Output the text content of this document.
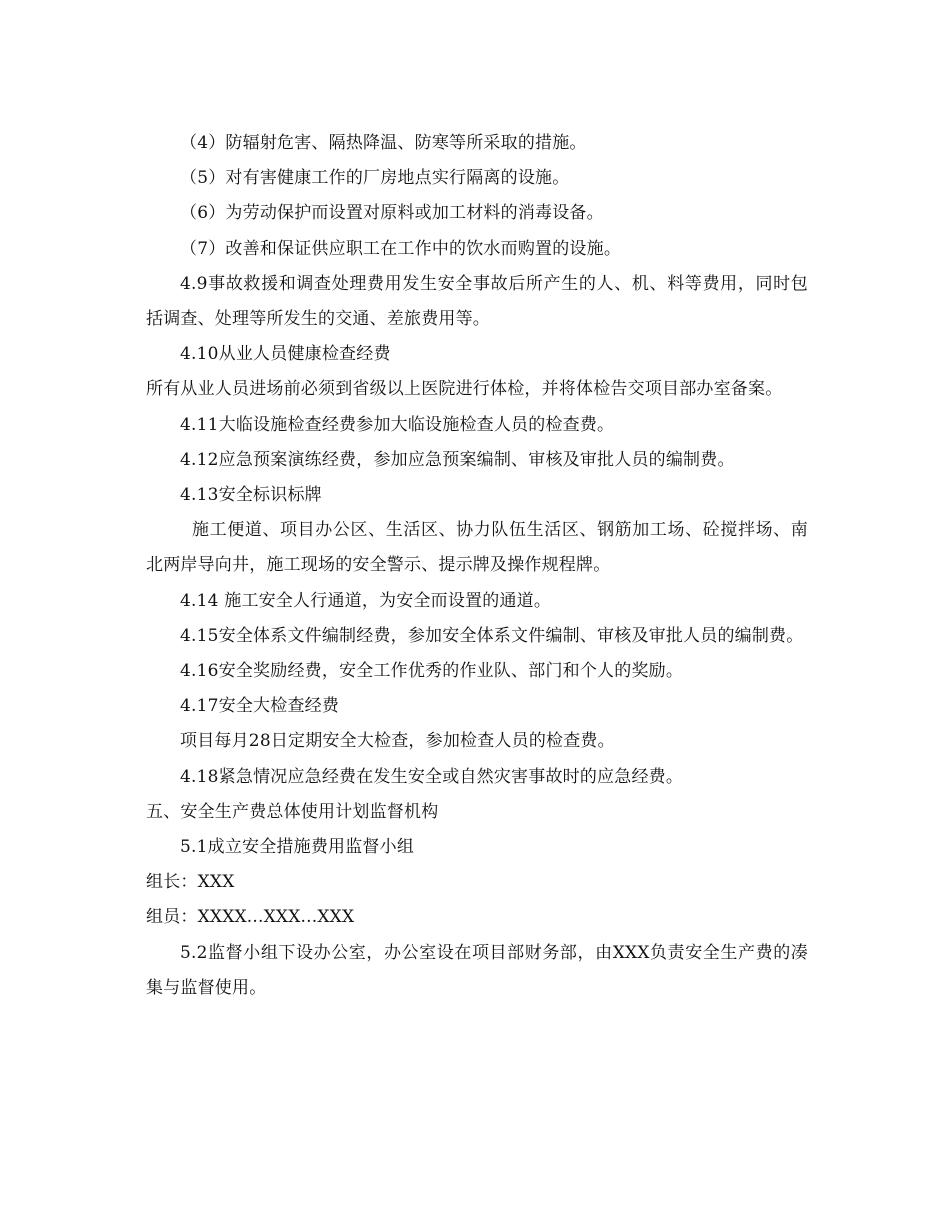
（4）防辐射危害、隔热降温、防寒等所采取的措施。

（5）对有害健康工作的厂房地点实行隔离的设施。

（6）为劳动保护而设置对原料或加工材料的消毒设备。

（7）改善和保证供应职工在工作中的饮水而购置的设施。

4.9事故救援和调查处理费用发生安全事故后所产生的人、机、料等费用，同时包括调查、处理等所发生的交通、差旅费用等。

4.10从业人员健康检查经费

所有从业人员进场前必须到省级以上医院进行体检，并将体检告交项目部办室备案。

4.11大临设施检查经费参加大临设施检查人员的检查费。

4.12应急预案演练经费，参加应急预案编制、审核及审批人员的编制费。

4.13安全标识标牌

施工便道、项目办公区、生活区、协力队伍生活区、钢筋加工场、砼搅拌场、南北两岸导向井，施工现场的安全警示、提示牌及操作规程牌。

4.14 施工安全人行通道，为安全而设置的通道。

4.15安全体系文件编制经费，参加安全体系文件编制、审核及审批人员的编制费。

4.16安全奖励经费，安全工作优秀的作业队、部门和个人的奖励。

4.17安全大检查经费

项目每月28日定期安全大检查，参加检查人员的检查费。

4.18紧急情况应急经费在发生安全或自然灾害事故时的应急经费。

五、安全生产费总体使用计划监督机构

5.1成立安全措施费用监督小组

组长：XXX

组员：XXXX...XXX...XXX

5.2监督小组下设办公室，办公室设在项目部财务部，由XXX负责安全生产费的凑集与监督使用。
